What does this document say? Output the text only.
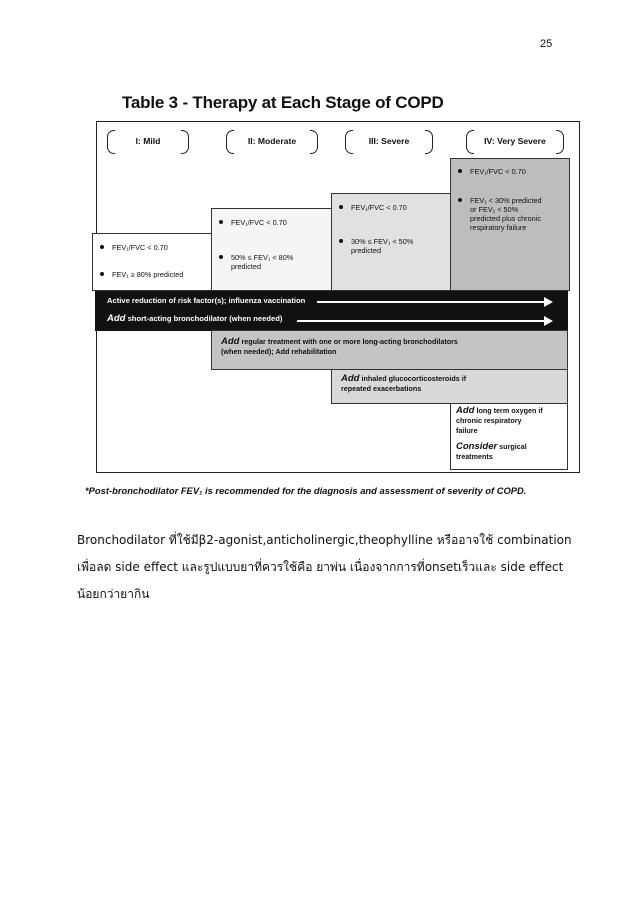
25
Table 3 - Therapy at Each Stage of COPD
I: Mild	II: Moderate	III: Severe	IV: Very Severe
FEV₁/FVC < 0.70
FEV₁ ≥ 80% predicted
FEV₁/FVC < 0.70
50% ≤ FEV₁ < 80%
predicted
FEV₁/FVC < 0.70
30% ≤ FEV₁ < 50%
predicted
FEV₁/FVC < 0.70
FEV₁ < 30% predicted
or FEV₁ < 50%
predicted plus chronic
respiratory failure
Active reduction of risk factor(s); influenza vaccination
Add short-acting bronchodilator (when needed)
Add regular treatment with one or more long-acting bronchodilators
(when needed); Add rehabilitation
Add inhaled glucocorticosteroids if
repeated exacerbations
Add long term oxygen if
chronic respiratory
failure
Consider surgical
treatments
*Post-bronchodilator FEV₁ is recommended for the diagnosis and assessment of severity of COPD.
Bronchodilator ที่ใช้มีβ2-agonist,anticholinergic,theophylline หรืออาจใช้ combination
เพื่อลด side effect และรูปแบบยาที่ควรใช้คือ ยาพ่น เนื่องจากการที่onsetเร็วและ side effect
น้อยกว่ายากิน
